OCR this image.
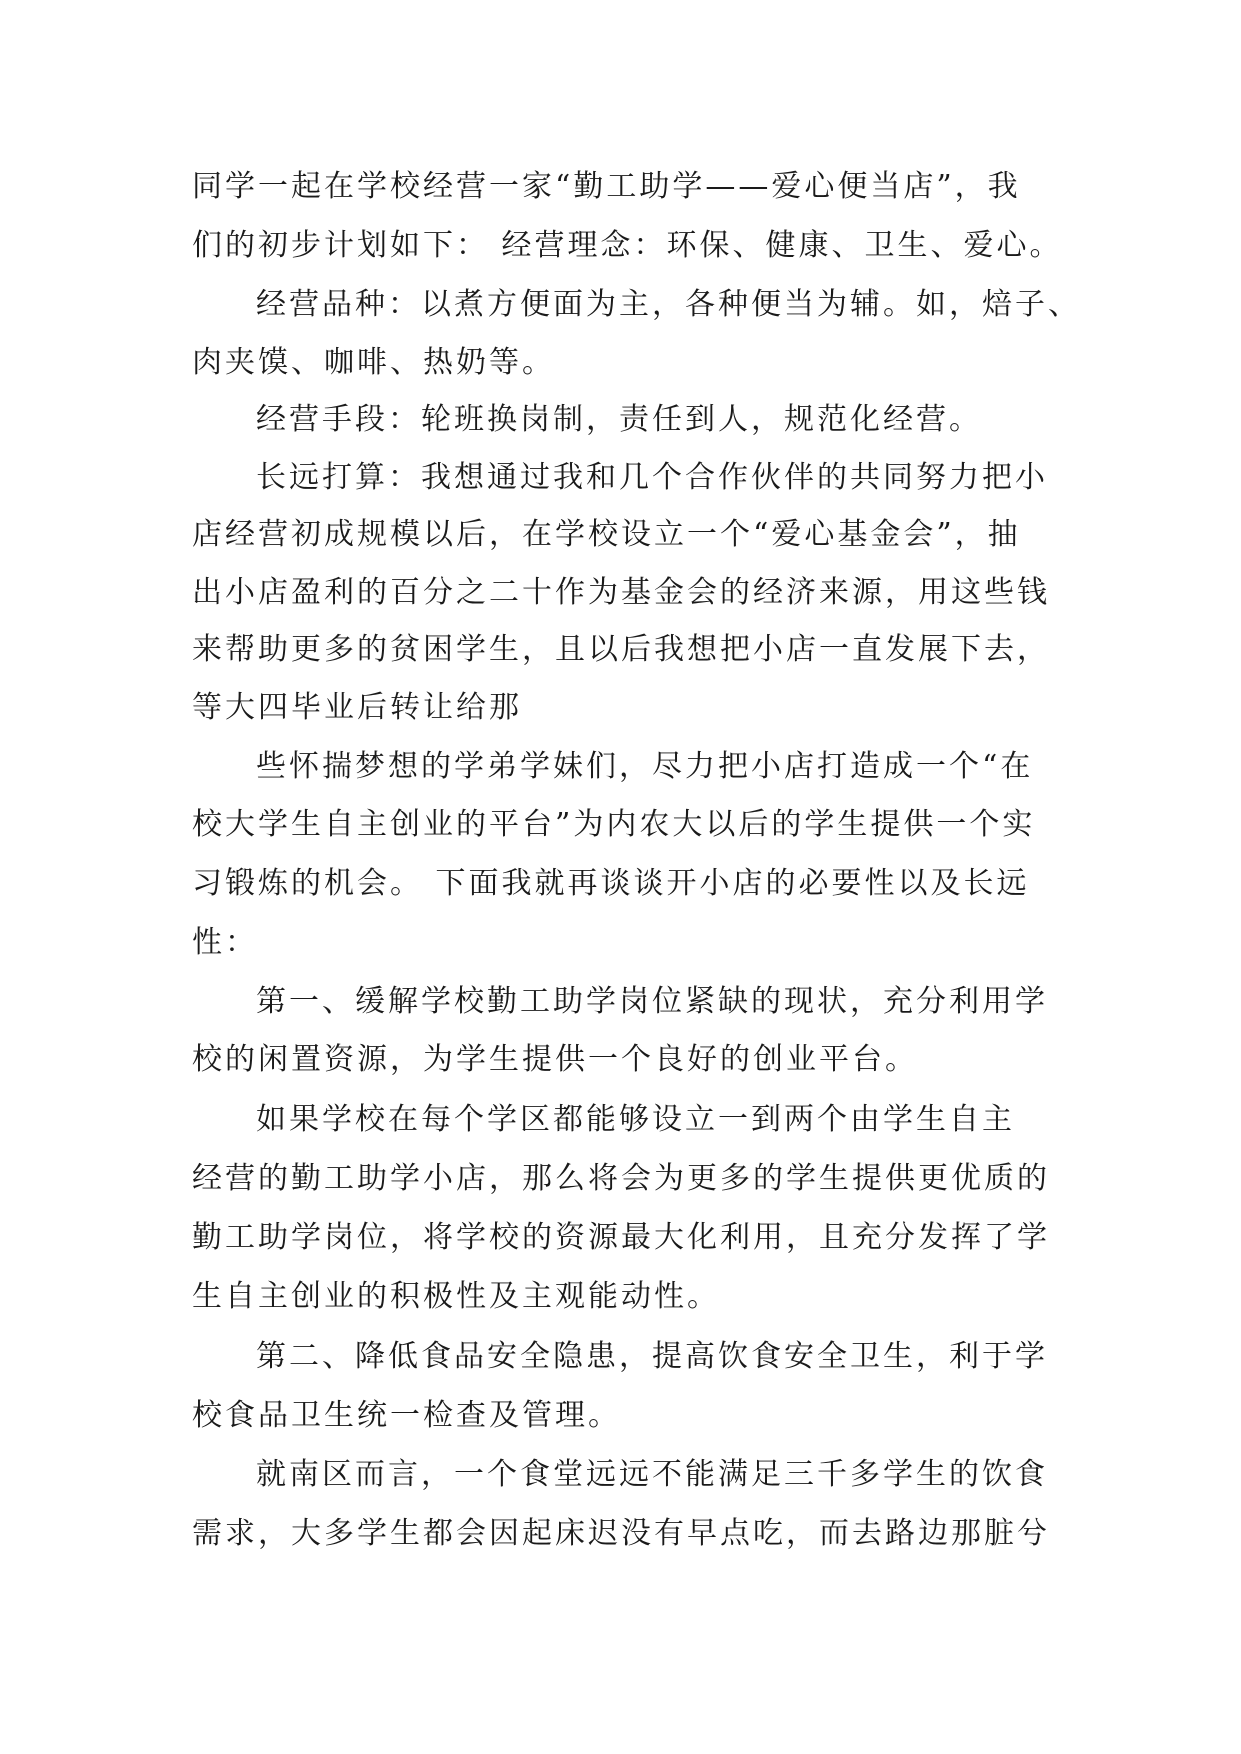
同学一起在学校经营一家“勤工助学——爱心便当店”，我
们的初步计划如下： 经营理念：环保、健康、卫生、爱心。
经营品种：以煮方便面为主，各种便当为辅。如，焙子、
肉夹馍、咖啡、热奶等。
经营手段：轮班换岗制，责任到人，规范化经营。
长远打算：我想通过我和几个合作伙伴的共同努力把小
店经营初成规模以后，在学校设立一个“爱心基金会”，抽
出小店盈利的百分之二十作为基金会的经济来源，用这些钱
来帮助更多的贫困学生，且以后我想把小店一直发展下去，
等大四毕业后转让给那
些怀揣梦想的学弟学妹们，尽力把小店打造成一个“在
校大学生自主创业的平台”为内农大以后的学生提供一个实
习锻炼的机会。 下面我就再谈谈开小店的必要性以及长远
性：
第一、缓解学校勤工助学岗位紧缺的现状，充分利用学
校的闲置资源，为学生提供一个良好的创业平台。
如果学校在每个学区都能够设立一到两个由学生自主
经营的勤工助学小店，那么将会为更多的学生提供更优质的
勤工助学岗位，将学校的资源最大化利用，且充分发挥了学
生自主创业的积极性及主观能动性。
第二、降低食品安全隐患，提高饮食安全卫生，利于学
校食品卫生统一检查及管理。
就南区而言，一个食堂远远不能满足三千多学生的饮食
需求，大多学生都会因起床迟没有早点吃，而去路边那脏兮
